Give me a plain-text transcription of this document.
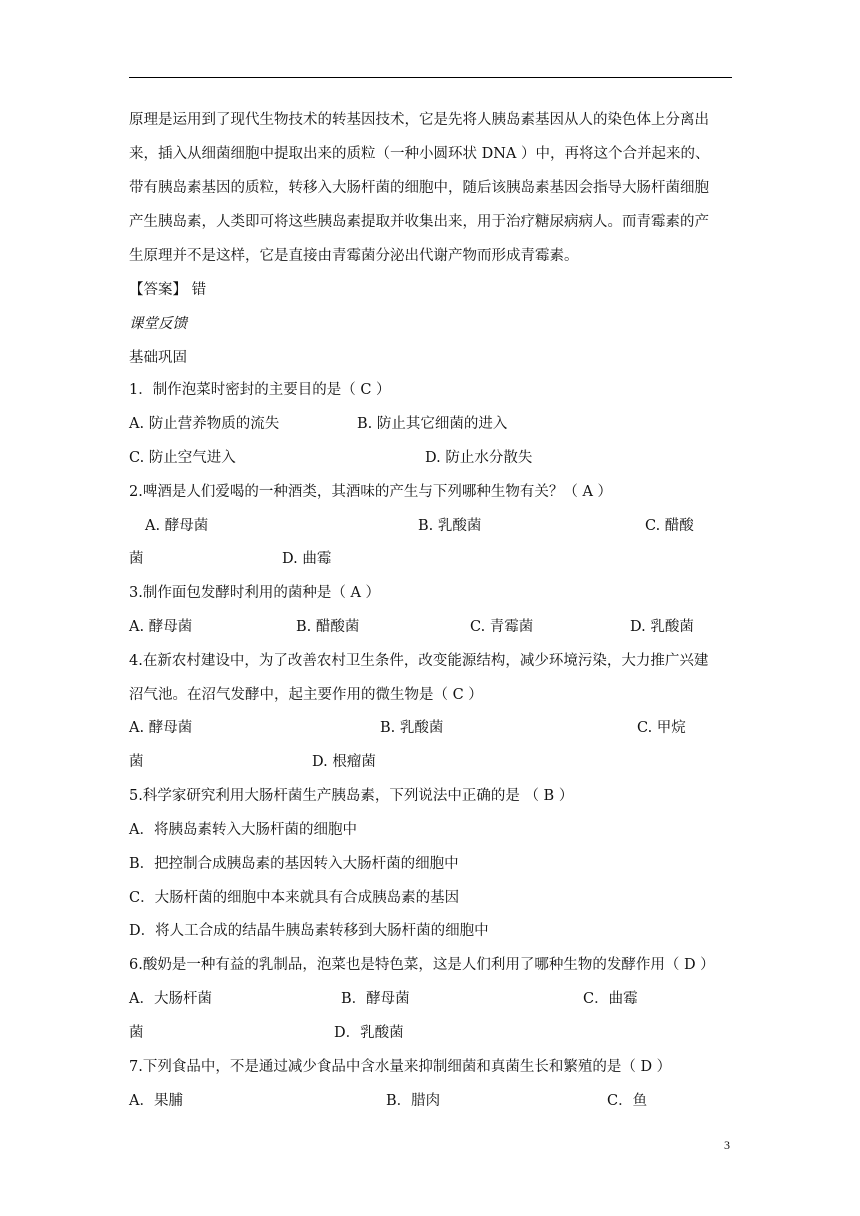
原理是运用到了现代生物技术的转基因技术，它是先将人胰岛素基因从人的染色体上分离出
来，插入从细菌细胞中提取出来的质粒（一种小圆环状 DNA ）中，再将这个合并起来的、
带有胰岛素基因的质粒，转移入大肠杆菌的细胞中，随后该胰岛素基因会指导大肠杆菌细胞
产生胰岛素，人类即可将这些胰岛素提取并收集出来，用于治疗糖尿病病人。而青霉素的产
生原理并不是这样，它是直接由青霉菌分泌出代谢产物而形成青霉素。
【答案】 错
课堂反馈
基础巩固
1．制作泡菜时密封的主要目的是（ C ）
A. 防止营养物质的流失	B. 防止其它细菌的进入
C. 防止空气进入	D. 防止水分散失
2.啤酒是人们爱喝的一种酒类，其酒味的产生与下列哪种生物有关？（ A ）
A. 酵母菌	B. 乳酸菌	C. 醋酸
菌	D. 曲霉
3.制作面包发酵时利用的菌种是（ A ）
A. 酵母菌	B. 醋酸菌	C. 青霉菌	D. 乳酸菌
4.在新农村建设中，为了改善农村卫生条件，改变能源结构，减少环境污染，大力推广兴建
沼气池。在沼气发酵中，起主要作用的微生物是（ C ）
A. 酵母菌	B. 乳酸菌	C. 甲烷
菌	D. 根瘤菌
5.科学家研究利用大肠杆菌生产胰岛素，下列说法中正确的是 （ B ）
A．将胰岛素转入大肠杆菌的细胞中
B．把控制合成胰岛素的基因转入大肠杆菌的细胞中
C．大肠杆菌的细胞中本来就具有合成胰岛素的基因
D．将人工合成的结晶牛胰岛素转移到大肠杆菌的细胞中
6.酸奶是一种有益的乳制品，泡菜也是特色菜，这是人们利用了哪种生物的发酵作用（ D ）
A．大肠杆菌	B．酵母菌	C．曲霉
菌	D．乳酸菌
7.下列食品中，不是通过减少食品中含水量来抑制细菌和真菌生长和繁殖的是（ D ）
A．果脯	B．腊肉	C．鱼
3
